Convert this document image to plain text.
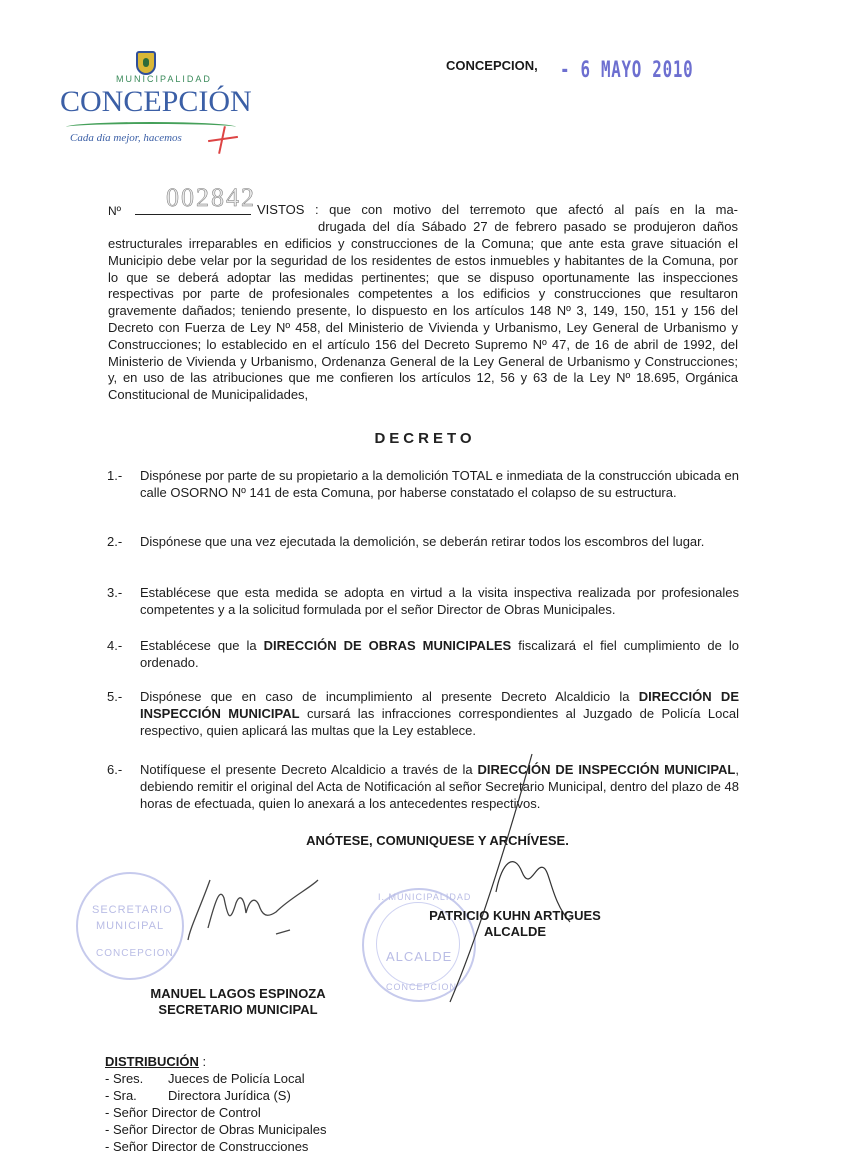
MUNICIPALIDAD
CONCEPCIÓN
Cada día mejor, hacemos
CONCEPCION, - 6 MAYO 2010
Nº 002842 VISTOS : que con motivo del terremoto que afectó al país en la ma-
drugada del día Sábado 27 de febrero pasado se produjeron daños
estructurales irreparables en edificios y construcciones de la Comuna; que ante esta grave situación el Municipio debe velar por la seguridad de los residentes de estos inmuebles y habitantes de la Comuna, por lo que se deberá adoptar las medidas pertinentes; que se dispuso oportunamente las inspecciones respectivas por parte de profesionales competentes a los edificios y construcciones que resultaron gravemente dañados; teniendo presente, lo dispuesto en los artículos 148 Nº 3, 149, 150, 151 y 156 del Decreto con Fuerza de Ley Nº 458, del Ministerio de Vivienda y Urbanismo, Ley General de Urbanismo y Construcciones; lo establecido en el artículo 156 del Decreto Supremo Nº 47, de 16 de abril de 1992, del Ministerio de Vivienda y Urbanismo, Ordenanza General de la Ley General de Urbanismo y Construcciones; y, en uso de las atribuciones que me confieren los artículos 12, 56 y 63 de la Ley Nº 18.695, Orgánica Constitucional de Municipalidades,
DECRETO
1.-	Dispónese por parte de su propietario a la demolición TOTAL e inmediata de la construcción ubicada en calle OSORNO Nº 141 de esta Comuna, por haberse constatado el colapso de su estructura.
2.-	Dispónese que una vez ejecutada la demolición, se deberán retirar todos los escombros del lugar.
3.-	Establécese que esta medida se adopta en virtud a la visita inspectiva realizada por profesionales competentes y a la solicitud formulada por el señor Director de Obras Municipales.
4.-	Establécese que la DIRECCIÓN DE OBRAS MUNICIPALES fiscalizará el fiel cumplimiento de lo ordenado.
5.-	Dispónese que en caso de incumplimiento al presente Decreto Alcaldicio la DIRECCIÓN DE INSPECCIÓN MUNICIPAL cursará las infracciones correspondientes al Juzgado de Policía Local respectivo, quien aplicará las multas que la Ley establece.
6.-	Notifíquese el presente Decreto Alcaldicio a través de la DIRECCIÓN DE INSPECCIÓN MUNICIPAL, debiendo remitir el original del Acta de Notificación al señor Secretario Municipal, dentro del plazo de 48 horas de efectuada, quien lo anexará a los antecedentes respectivos.
ANÓTESE, COMUNIQUESE Y ARCHÍVESE.
SECRETARIO
MUNICIPAL
CONCEPCION
MANUEL LAGOS ESPINOZA
SECRETARIO MUNICIPAL
I. MUNICIPALIDAD
ALCALDE
CONCEPCION
PATRICIO KUHN ARTIGUES
ALCALDE
DISTRIBUCIÓN :
- Sres.	Jueces de Policía Local
- Sra.	Directora Jurídica (S)
- Señor Director de Control
- Señor Director de Obras Municipales
- Señor Director de Construcciones
